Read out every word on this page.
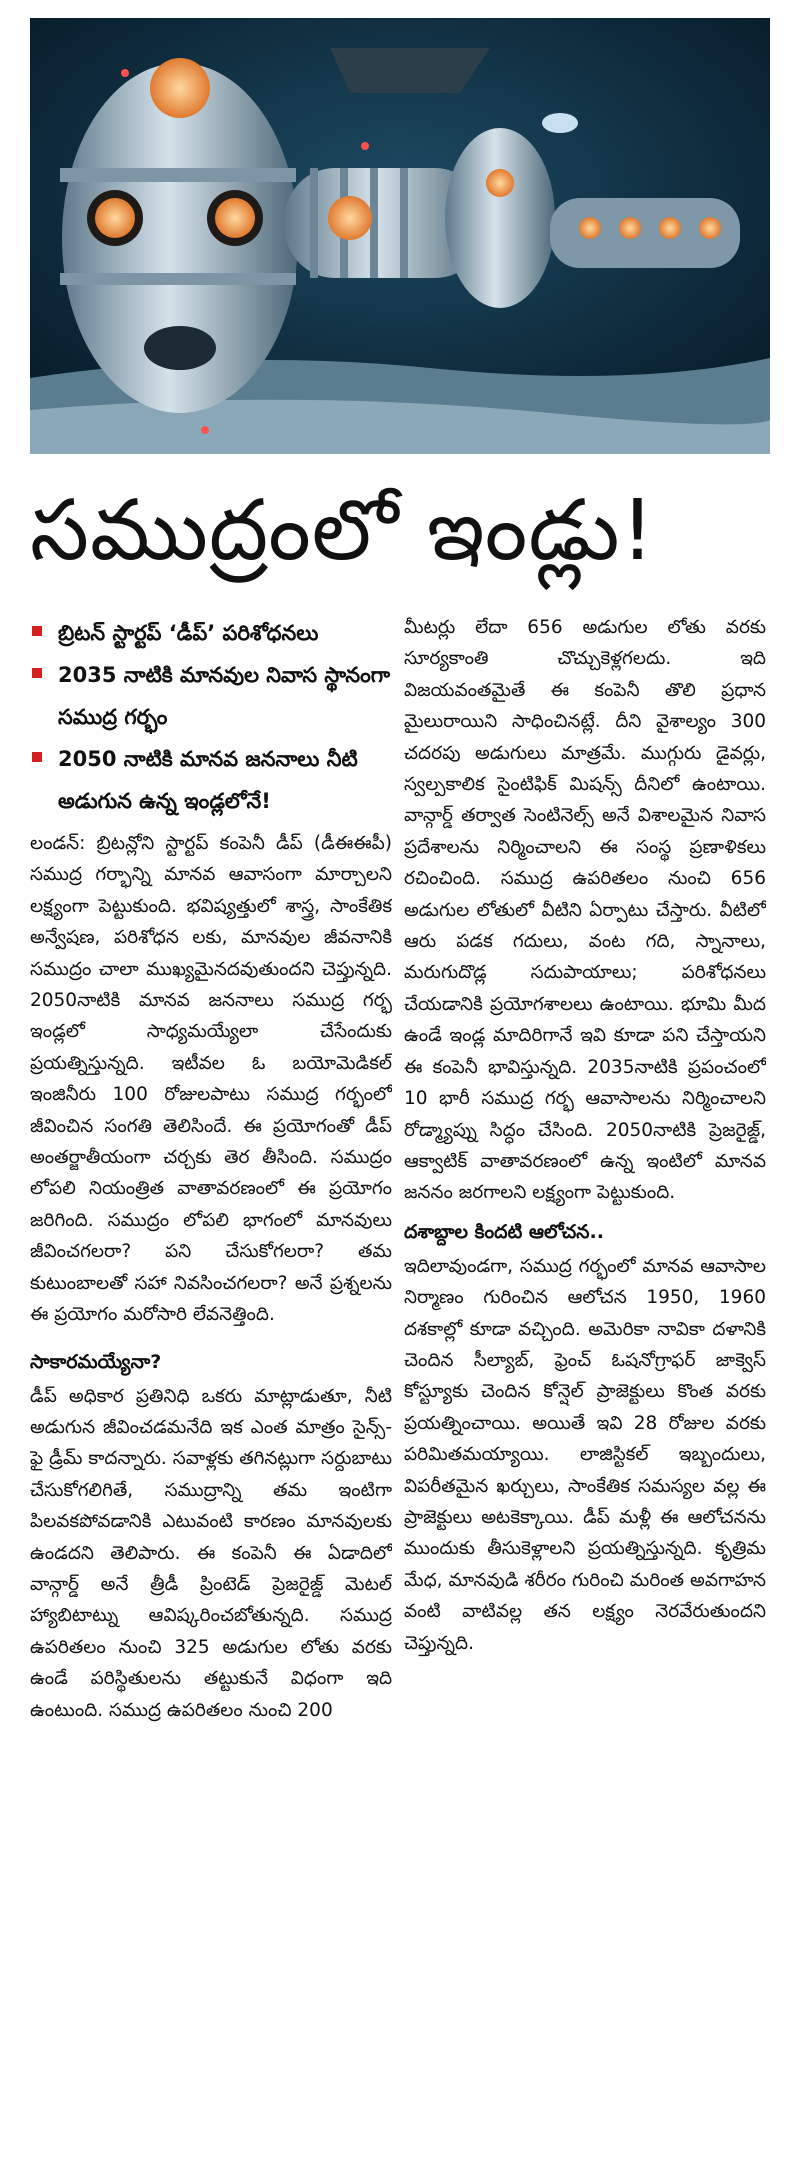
సముద్రంలో ఇండ్లు!
బ్రిటన్ స్టార్టప్ ‘డీప్’ పరిశోధనలు
2035 నాటికి మానవుల నివాస స్థానంగా సముద్ర గర్భం
2050 నాటికి మానవ జననాలు నీటి అడుగున ఉన్న ఇండ్లలోనే!

లండన్: బ్రిటన్లోని స్టార్టప్ కంపెనీ డీప్ (డీఈఈపీ) సముద్ర గర్భాన్ని మానవ ఆవాసంగా మార్చాలని లక్ష్యంగా పెట్టుకుంది. భవిష్యత్తులో శాస్త్ర, సాంకేతిక అన్వేషణ, పరిశోధన లకు, మానవుల జీవనానికి సముద్రం చాలా ముఖ్యమైనదవుతుందని చెప్తున్నది. 2050నాటికి మానవ జననాలు సముద్ర గర్భ ఇండ్లలో సాధ్యమయ్యేలా చేసేందుకు ప్రయత్నిస్తున్నది. ఇటీవల ఓ బయోమెడికల్ ఇంజినీరు 100 రోజులపాటు సముద్ర గర్భంలో జీవించిన సంగతి తెలిసిందే. ఈ ప్రయోగంతో డీప్ అంతర్జాతీయంగా చర్చకు తెర తీసింది. సముద్రం లోపలి నియంత్రిత వాతావరణంలో ఈ ప్రయోగం జరిగింది. సముద్రం లోపలి భాగంలో మానవులు జీవించగలరా? పని చేసుకోగలరా? తమ కుటుంబాలతో సహా నివసించగలరా? అనే ప్రశ్నలను ఈ ప్రయోగం మరోసారి లేవనెత్తింది.

సాకారమయ్యేనా?

డీప్ అధికార ప్రతినిధి ఒకరు మాట్లాడుతూ, నీటి అడుగున జీవించడమనేది ఇక ఎంత మాత్రం సైన్స్-ఫై డ్రీమ్ కాదన్నారు. సవాళ్లకు తగినట్లుగా సర్దుబాటు చేసుకోగలిగితే, సముద్రాన్ని తమ ఇంటిగా పిలవకపోవడానికి ఎటువంటి కారణం మానవులకు ఉండదని తెలిపారు. ఈ కంపెనీ ఈ ఏడాదిలో వాన్గార్డ్ అనే త్రీడీ ప్రింటెడ్ ప్రెజరైజ్డ్ మెటల్ హ్యాబిటాట్ను ఆవిష్కరించబోతున్నది. సముద్ర ఉపరితలం నుంచి 325 అడుగుల లోతు వరకు ఉండే పరిస్థితులను తట్టుకునే విధంగా ఇది ఉంటుంది. సముద్ర ఉపరితలం నుంచి 200

మీటర్లు లేదా 656 అడుగుల లోతు వరకు సూర్యకాంతి చొచ్చుకెళ్లగలదు. ఇది విజయవంతమైతే ఈ కంపెనీ తొలి ప్రధాన మైలురాయిని సాధించినట్లే. దీని వైశాల్యం 300 చదరపు అడుగులు మాత్రమే. ముగ్గురు డైవర్లు, స్వల్పకాలిక సైంటిఫిక్ మిషన్స్ దీనిలో ఉంటాయి. వాన్గార్డ్ తర్వాత సెంటినెల్స్ అనే విశాలమైన నివాస ప్రదేశాలను నిర్మించాలని ఈ సంస్థ ప్రణాళికలు రచించింది. సముద్ర ఉపరితలం నుంచి 656 అడుగుల లోతులో వీటిని ఏర్పాటు చేస్తారు. వీటిలో ఆరు పడక గదులు, వంట గది, స్నానాలు, మరుగుదొడ్ల సదుపాయాలు; పరిశోధనలు చేయడానికి ప్రయోగశాలలు ఉంటాయి. భూమి మీద ఉండే ఇండ్ల మాదిరిగానే ఇవి కూడా పని చేస్తాయని ఈ కంపెనీ భావిస్తున్నది. 2035నాటికి ప్రపంచంలో 10 భారీ సముద్ర గర్భ ఆవాసాలను నిర్మించాలని రోడ్మ్యాప్ను సిద్ధం చేసింది. 2050నాటికి ప్రెజరైజ్డ్, ఆక్వాటిక్ వాతావరణంలో ఉన్న ఇంటిలో మానవ జననం జరగాలని లక్ష్యంగా పెట్టుకుంది.

దశాబ్దాల కిందటి ఆలోచన..

ఇదిలావుండగా, సముద్ర గర్భంలో మానవ ఆవాసాల నిర్మాణం గురించిన ఆలోచన 1950, 1960 దశకాల్లో కూడా వచ్చింది. అమెరికా నావికా దళానికి చెందిన సీల్యాబ్, ఫ్రెంచ్ ఓషనోగ్రాఫర్ జాక్వెస్ కోస్ట్యూకు చెందిన కోన్షెల్ ప్రాజెక్టులు కొంత వరకు ప్రయత్నించాయి. అయితే ఇవి 28 రోజుల వరకు పరిమితమయ్యాయి. లాజిస్టికల్ ఇబ్బందులు, విపరీతమైన ఖర్చులు, సాంకేతిక సమస్యల వల్ల ఈ ప్రాజెక్టులు అటకెక్కాయి. డీప్ మళ్లీ ఈ ఆలోచనను ముందుకు తీసుకెళ్లాలని ప్రయత్నిస్తున్నది. కృత్రిమ మేధ, మానవుడి శరీరం గురించి మరింత అవగాహన వంటి వాటివల్ల తన లక్ష్యం నెరవేరుతుందని చెప్తున్నది.
